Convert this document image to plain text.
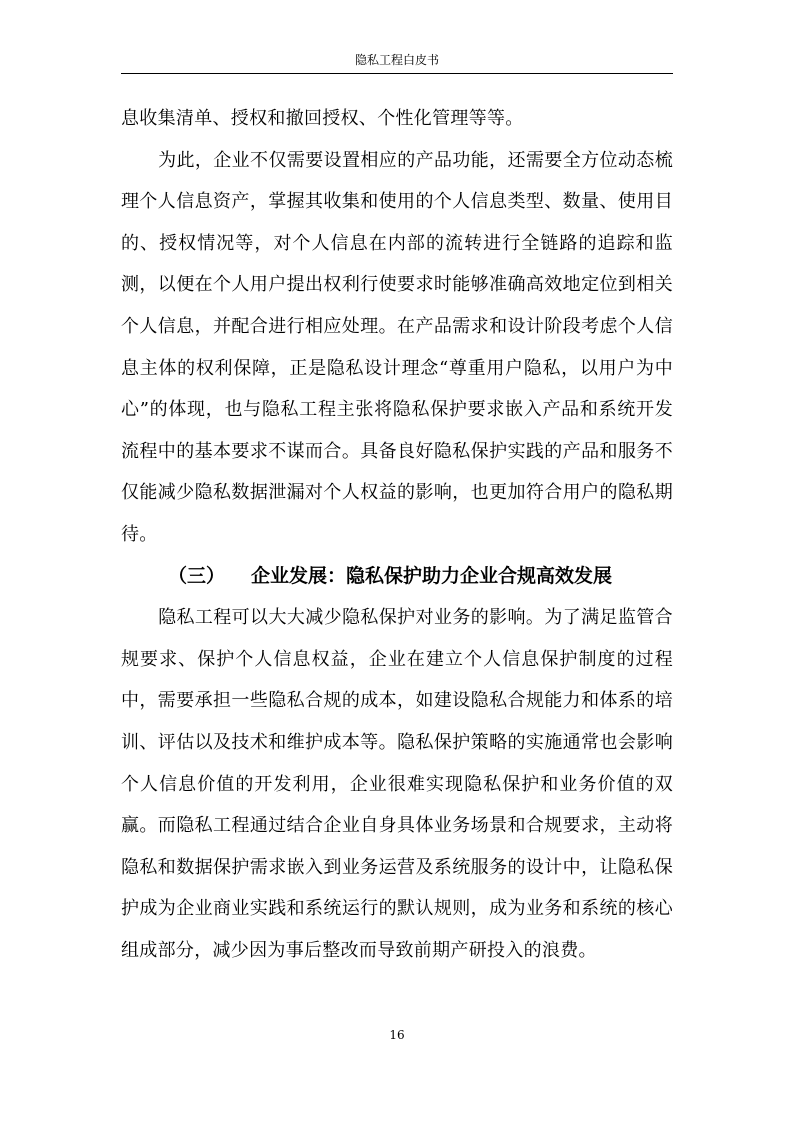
隐私工程白皮书

息收集清单、授权和撤回授权、个性化管理等等。

为此，企业不仅需要设置相应的产品功能，还需要全方位动态梳理个人信息资产，掌握其收集和使用的个人信息类型、数量、使用目的、授权情况等，对个人信息在内部的流转进行全链路的追踪和监测，以便在个人用户提出权利行使要求时能够准确高效地定位到相关个人信息，并配合进行相应处理。在产品需求和设计阶段考虑个人信息主体的权利保障，正是隐私设计理念“尊重用户隐私，以用户为中心”的体现，也与隐私工程主张将隐私保护要求嵌入产品和系统开发流程中的基本要求不谋而合。具备良好隐私保护实践的产品和服务不仅能减少隐私数据泄漏对个人权益的影响，也更加符合用户的隐私期待。

（三） 企业发展：隐私保护助力企业合规高效发展

隐私工程可以大大减少隐私保护对业务的影响。为了满足监管合规要求、保护个人信息权益，企业在建立个人信息保护制度的过程中，需要承担一些隐私合规的成本，如建设隐私合规能力和体系的培训、评估以及技术和维护成本等。隐私保护策略的实施通常也会影响个人信息价值的开发利用，企业很难实现隐私保护和业务价值的双赢。而隐私工程通过结合企业自身具体业务场景和合规要求，主动将隐私和数据保护需求嵌入到业务运营及系统服务的设计中，让隐私保护成为企业商业实践和系统运行的默认规则，成为业务和系统的核心组成部分，减少因为事后整改而导致前期产研投入的浪费。

16
